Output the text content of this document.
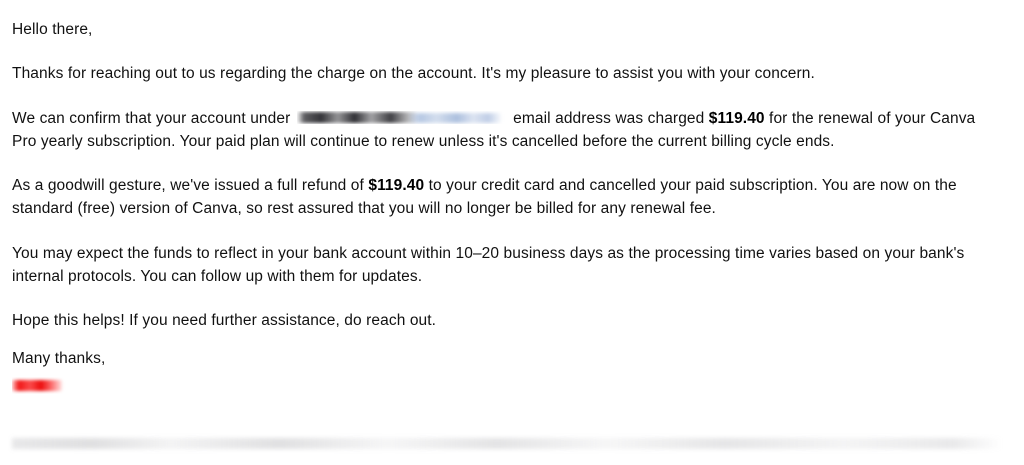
Hello there,

Thanks for reaching out to us regarding the charge on the account. It's my pleasure to assist you with your concern.

We can confirm that your account under	email address was charged $119.40 for the renewal of your Canva Pro yearly subscription. Your paid plan will continue to renew unless it's cancelled before the current billing cycle ends.

As a goodwill gesture, we've issued a full refund of $119.40 to your credit card and cancelled your paid subscription. You are now on the standard (free) version of Canva, so rest assured that you will no longer be billed for any renewal fee.

You may expect the funds to reflect in your bank account within 10–20 business days as the processing time varies based on your bank's internal protocols. You can follow up with them for updates.

Hope this helps! If you need further assistance, do reach out.

Many thanks,
